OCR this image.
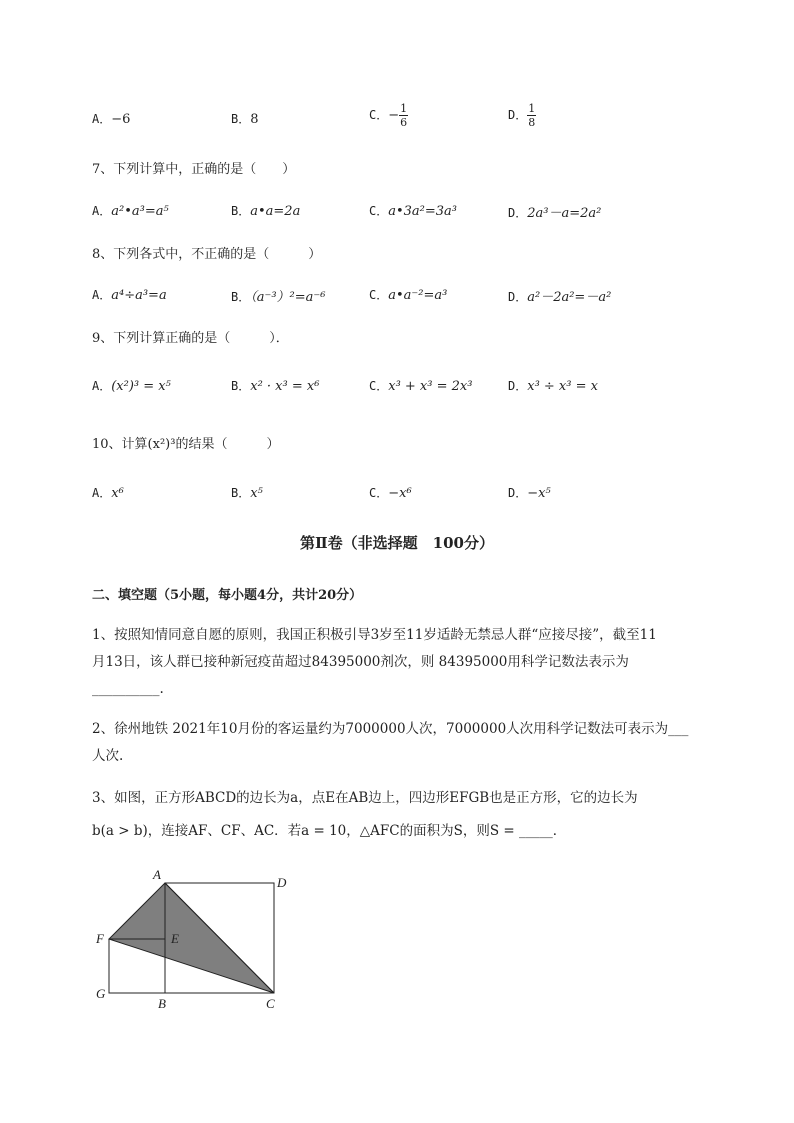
A．−6	B．8	C．− $\frac{1}{6}$	D． $\frac{1}{8}$
7、下列计算中，正确的是（　　）
A．a²•a³=a⁵	B．a•a=2a	C．a•3a²=3a³	D．2a³－a=2a²
8、下列各式中，不正确的是（　　　）
A．a⁴÷a³=a	B．（a⁻³）²=a⁻⁶	C．a•a⁻²=a³	D．a²－2a²=－a²
9、下列计算正确的是（　　　）．
A．(x²)³ = x⁵	B．x² · x³ = x⁶	C．x³ + x³ = 2x³	D．x³ ÷ x³ = x
10、计算(x²)³的结果（　　　）
A．x⁶	B．x⁵	C．−x⁶	D．−x⁵
第Ⅱ卷（非选择题　100分）
二、填空题（5小题，每小题4分，共计20分）
1、按照知情同意自愿的原则，我国正积极引导3岁至11岁适龄无禁忌人群“应接尽接”，截至11
月13日，该人群已接种新冠疫苗超过84395000剂次，则 84395000用科学记数法表示为
__________.
2、徐州地铁 2021年10月份的客运量约为7000000人次，7000000人次用科学记数法可表示为___
人次.
3、如图，正方形ABCD的边长为a，点E在AB边上，四边形EFGB也是正方形，它的边长为
b(a > b)，连接AF、CF、AC．若a = 10，△AFC的面积为S，则S = _____．
A
D
F	E
G
B	C
